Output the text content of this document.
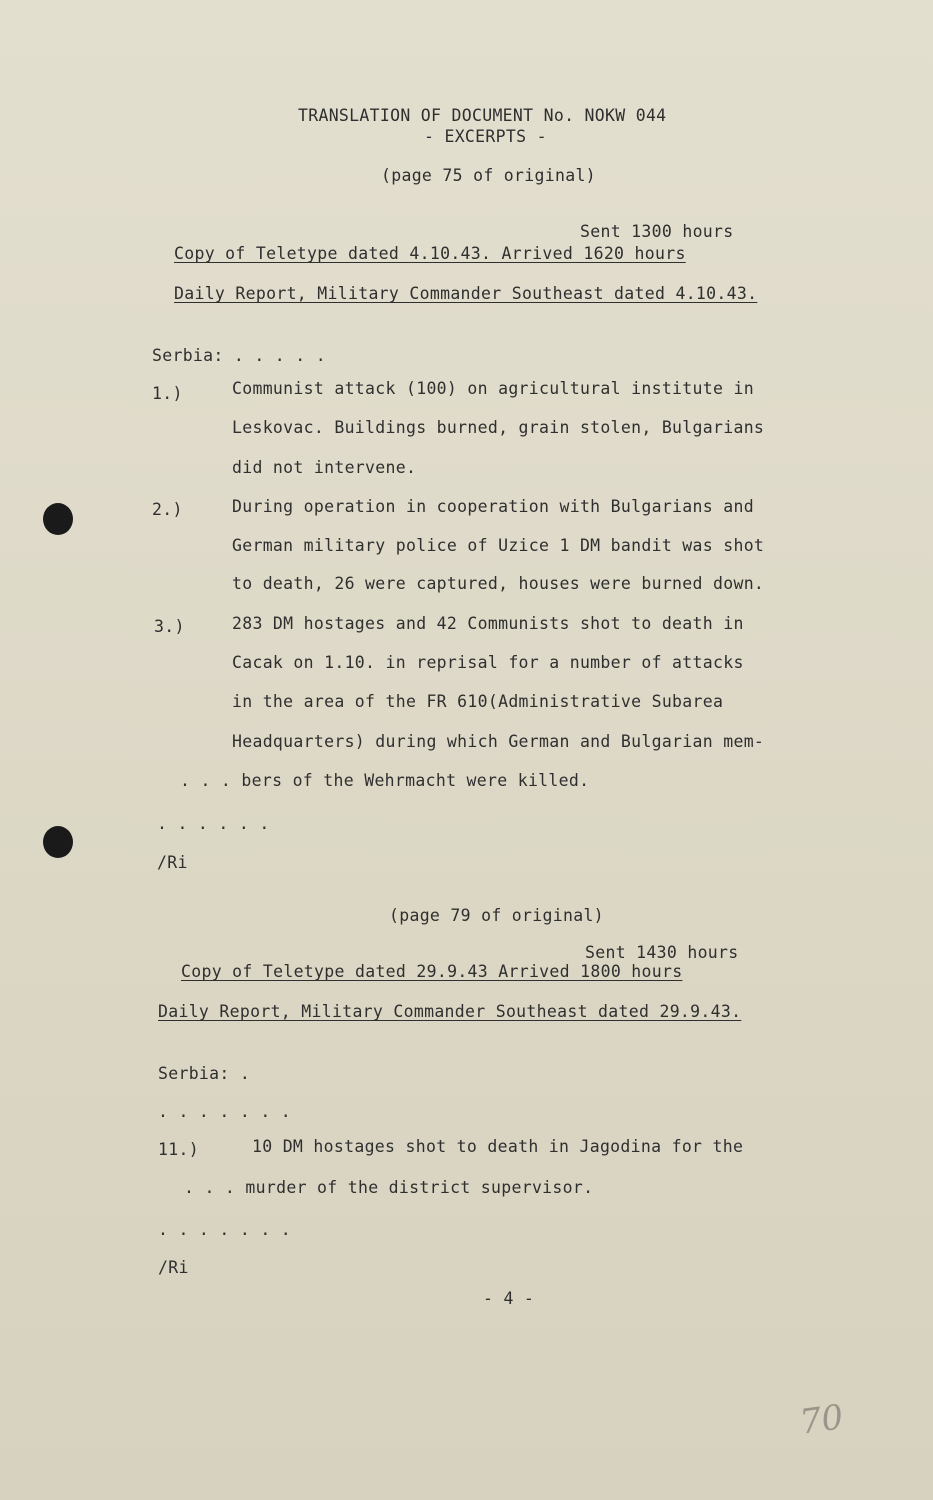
TRANSLATION OF DOCUMENT No. NOKW 044
- EXCERPTS -
(page 75 of original)
Sent 1300 hours
Copy of Teletype dated 4.10.43. Arrived 1620 hours
Daily Report, Military Commander Southeast dated 4.10.43.
Serbia: . . . . .
1.)	Communist attack (100) on agricultural institute in
Leskovac. Buildings burned, grain stolen, Bulgarians
did not intervene.
2.)	During operation in cooperation with Bulgarians and
German military police of Uzice 1 DM bandit was shot
to death, 26 were captured, houses were burned down.
3.)	283 DM hostages and 42 Communists shot to death in
Cacak on 1.10. in reprisal for a number of attacks
in the area of the FR 610(Administrative Subarea
Headquarters) during which German and Bulgarian mem-
. . . bers of the Wehrmacht were killed.
. . . . . .
/Ri
(page 79 of original)
Sent 1430 hours
Copy of Teletype dated 29.9.43 Arrived 1800 hours
Daily Report, Military Commander Southeast dated 29.9.43.
Serbia: .
. . . . . . .
11.)	10 DM hostages shot to death in Jagodina for the
. . . murder of the district supervisor.
. . . . . . .
/Ri
- 4 -
70
